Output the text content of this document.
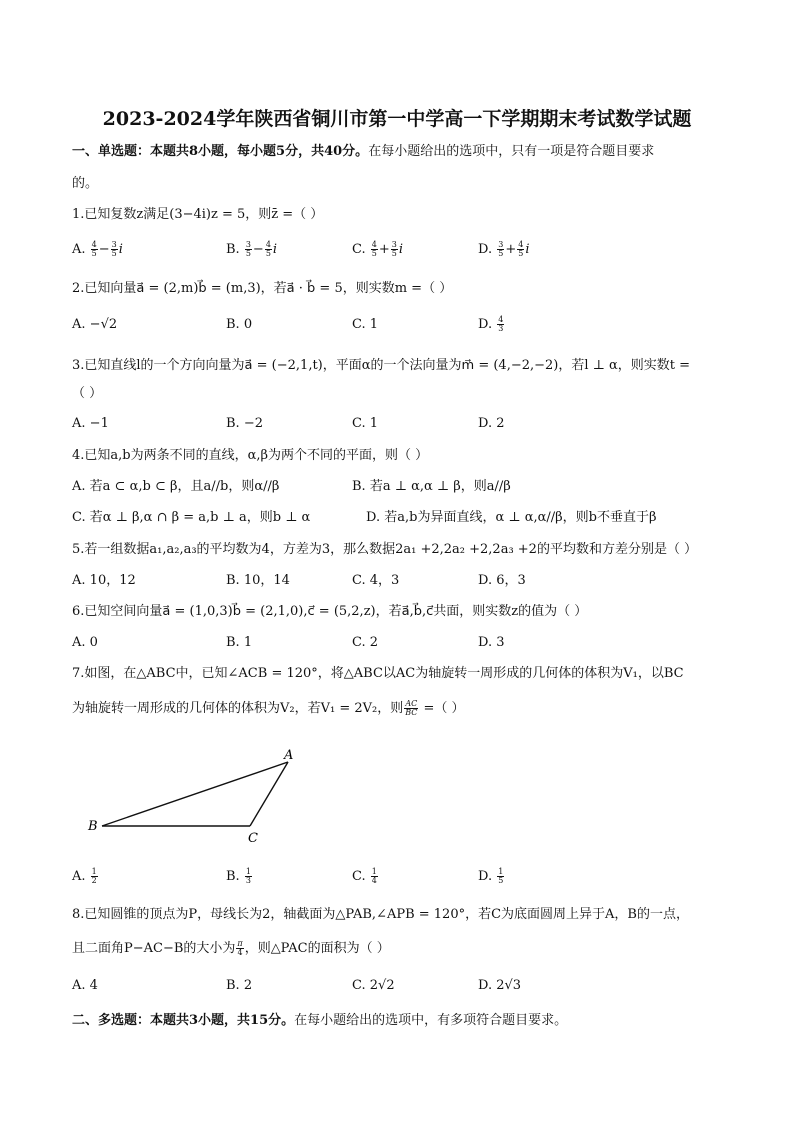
2023-2024学年陕西省铜川市第一中学高一下学期期末考试数学试题
一、单选题：本题共8小题，每小题5分，共40分。在每小题给出的选项中，只有一项是符合题目要求
的。
1.已知复数z满足(3−4i)z = 5，则z̄ =（ ）
A. $\frac{4}{5} - \frac{3}{5}$ i	B. $\frac{3}{5} - \frac{4}{5}$ i	C. $\frac{4}{5} + \frac{3}{5}$ i	D. $\frac{3}{5} + \frac{4}{5}$ i
2.已知向量a⃗ = (2,m)b⃗ = (m,3)，若a⃗ · b⃗ = 5，则实数m =（ ）
A. −√2	B. 0	C. 1	D. $\frac{4}{3}$
3.已知直线l的一个方向向量为a⃗ = (−2,1,t)，平面α的一个法向量为m⃗ = (4,−2,−2)，若l ⊥ α，则实数t =
（ ）
A. −1	B. −2	C. 1	D. 2
4.已知a,b为两条不同的直线，α,β为两个不同的平面，则（ ）
A. 若a ⊂ α,b ⊂ β，且a//b，则α//β	B. 若a ⊥ α,α ⊥ β，则a//β
C. 若α ⊥ β,α ∩ β = a,b ⊥ a，则b ⊥ α	D. 若a,b为异面直线，α ⊥ α,α//β，则b不垂直于β
5.若一组数据a₁,a₂,a₃的平均数为4，方差为3，那么数据2a₁ +2,2a₂ +2,2a₃ +2的平均数和方差分别是（ ）
A. 10，12	B. 10，14	C. 4，3	D. 6，3
6.已知空间向量a⃗ = (1,0,3)b⃗ = (2,1,0),c⃗ = (5,2,z)，若a⃗,b⃗,c⃗共面，则实数z的值为（ ）
A. 0	B. 1	C. 2	D. 3
7.如图，在△ABC中，已知∠ACB = 120°，将△ABC以AC为轴旋转一周形成的几何体的体积为V₁，以BC
为轴旋转一周形成的几何体的体积为V₂，若V₁ = 2V₂，则 $\frac{AC}{BC}$ =（ ）
A
B
C
A. $\frac{1}{2}$	B. $\frac{1}{3}$	C. $\frac{1}{4}$	D. $\frac{1}{5}$
8.已知圆锥的顶点为P，母线长为2，轴截面为△PAB,∠APB = 120°，若C为底面圆周上异于A，B的一点，
且二面角P−AC−B的大小为 $\frac{\pi}{4}$ ，则△PAC的面积为（ ）
A. 4	B. 2	C. 2√2	D. 2√3
二、多选题：本题共3小题，共15分。在每小题给出的选项中，有多项符合题目要求。
